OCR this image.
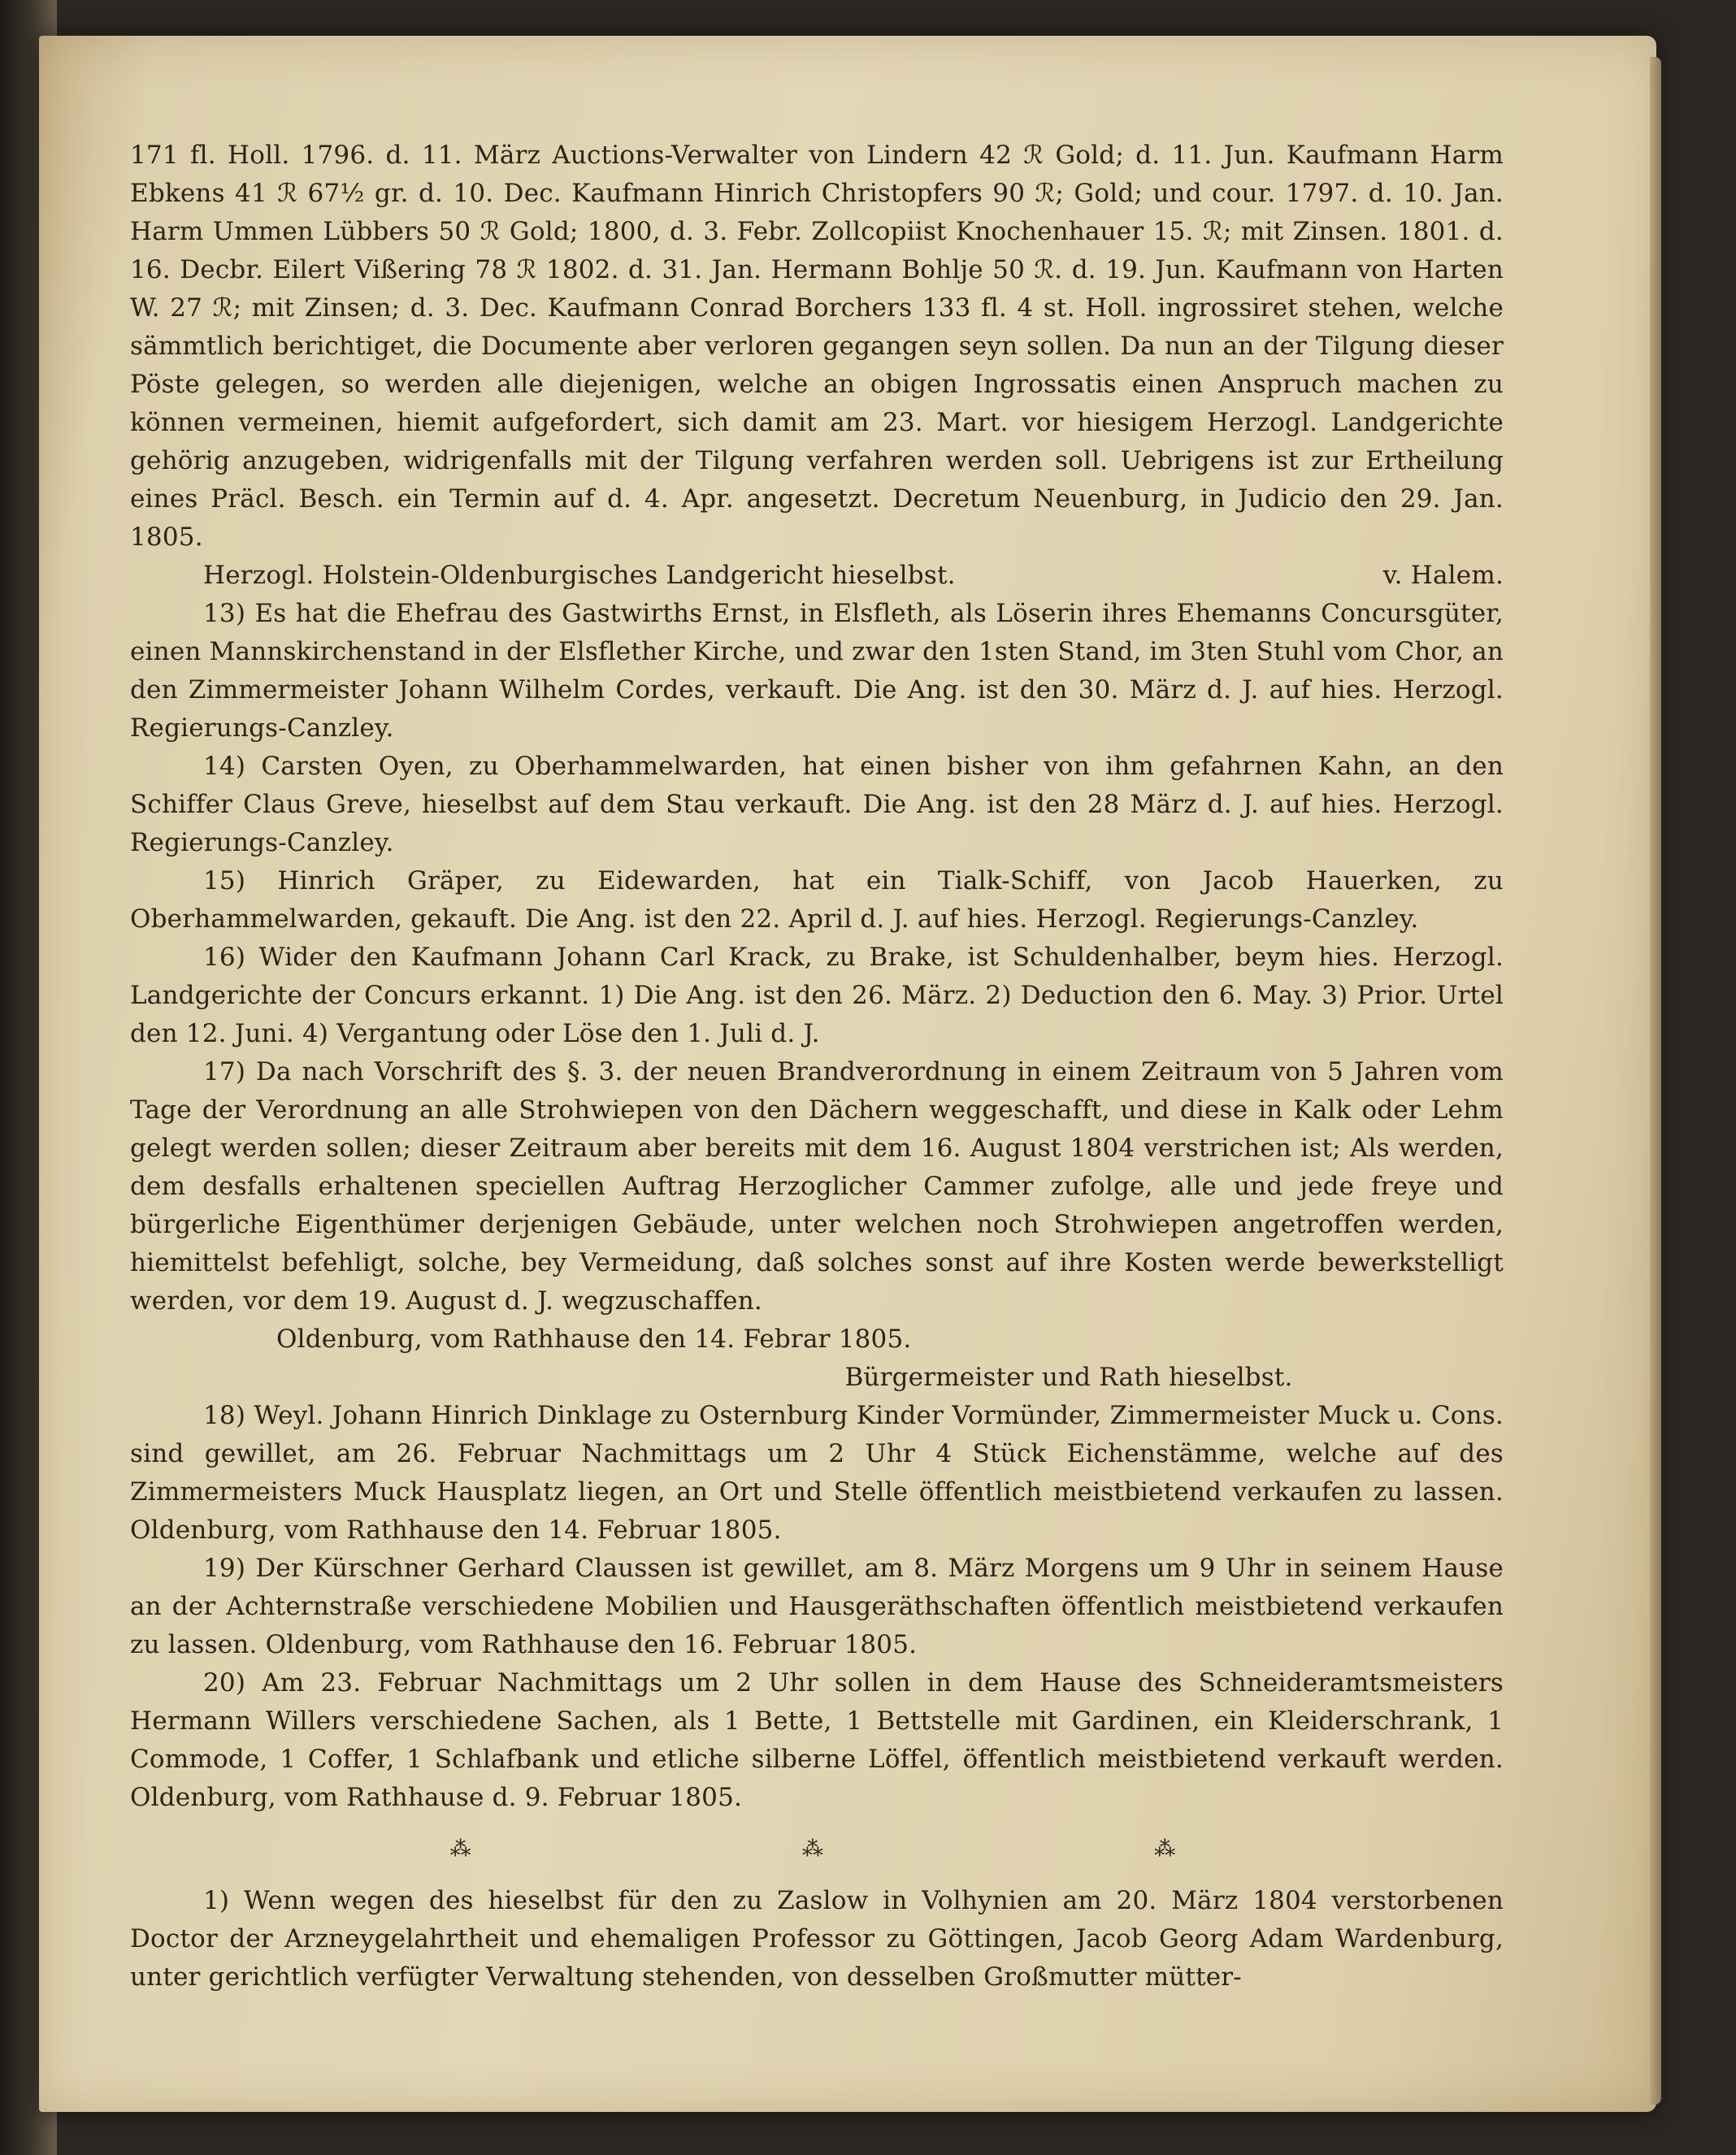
171 fl. Holl. 1796. d. 11. März Auctions-Verwalter von Lindern 42 ℛ Gold; d. 11. Jun. Kaufmann Harm Ebkens 41 ℛ 67½ gr. d. 10. Dec. Kaufmann Hinrich Christopfers 90 ℛ; Gold; und cour. 1797. d. 10. Jan. Harm Ummen Lübbers 50 ℛ Gold; 1800, d. 3. Febr. Zollcopiist Knochenhauer 15. ℛ; mit Zinsen. 1801. d. 16. Decbr. Eilert Vißering 78 ℛ 1802. d. 31. Jan. Hermann Bohlje 50 ℛ. d. 19. Jun. Kaufmann von Harten W. 27 ℛ; mit Zinsen; d. 3. Dec. Kaufmann Conrad Borchers 133 fl. 4 st. Holl. ingrossiret stehen, welche sämmtlich berichtiget, die Documente aber verloren gegangen seyn sollen. Da nun an der Tilgung dieser Pöste gelegen, so werden alle diejenigen, welche an obigen Ingrossatis einen Anspruch machen zu können vermeinen, hiemit aufgefordert, sich damit am 23. Mart. vor hiesigem Herzogl. Landgerichte gehörig anzugeben, widrigenfalls mit der Tilgung verfahren werden soll. Uebrigens ist zur Ertheilung eines Präcl. Besch. ein Termin auf d. 4. Apr. angesetzt. Decretum Neuenburg, in Judicio den 29. Jan. 1805.

Herzogl. Holstein-Oldenburgisches Landgericht hieselbst.	v. Halem.

13) Es hat die Ehefrau des Gastwirths Ernst, in Elsfleth, als Löserin ihres Ehemanns Concursgüter, einen Mannskirchenstand in der Elsflether Kirche, und zwar den 1sten Stand, im 3ten Stuhl vom Chor, an den Zimmermeister Johann Wilhelm Cordes, verkauft. Die Ang. ist den 30. März d. J. auf hies. Herzogl. Regierungs-Canzley.

14) Carsten Oyen, zu Oberhammelwarden, hat einen bisher von ihm gefahrnen Kahn, an den Schiffer Claus Greve, hieselbst auf dem Stau verkauft. Die Ang. ist den 28 März d. J. auf hies. Herzogl. Regierungs-Canzley.

15) Hinrich Gräper, zu Eidewarden, hat ein Tialk-Schiff, von Jacob Hauerken, zu Oberhammelwarden, gekauft. Die Ang. ist den 22. April d. J. auf hies. Herzogl. Regierungs-Canzley.

16) Wider den Kaufmann Johann Carl Krack, zu Brake, ist Schuldenhalber, beym hies. Herzogl. Landgerichte der Concurs erkannt. 1) Die Ang. ist den 26. März. 2) Deduction den 6. May. 3) Prior. Urtel den 12. Juni. 4) Vergantung oder Löse den 1. Juli d. J.

17) Da nach Vorschrift des §. 3. der neuen Brandverordnung in einem Zeitraum von 5 Jahren vom Tage der Verordnung an alle Strohwiepen von den Dächern weggeschafft, und diese in Kalk oder Lehm gelegt werden sollen; dieser Zeitraum aber bereits mit dem 16. August 1804 verstrichen ist; Als werden, dem desfalls erhaltenen speciellen Auftrag Herzoglicher Cammer zufolge, alle und jede freye und bürgerliche Eigenthümer derjenigen Gebäude, unter welchen noch Strohwiepen angetroffen werden, hiemittelst befehligt, solche, bey Vermeidung, daß solches sonst auf ihre Kosten werde bewerkstelligt werden, vor dem 19. August d. J. wegzuschaffen.

Oldenburg, vom Rathhause den 14. Febrar 1805.
Bürgermeister und Rath hieselbst.

18) Weyl. Johann Hinrich Dinklage zu Osternburg Kinder Vormünder, Zimmermeister Muck u. Cons. sind gewillet, am 26. Februar Nachmittags um 2 Uhr 4 Stück Eichenstämme, welche auf des Zimmermeisters Muck Hausplatz liegen, an Ort und Stelle öffentlich meistbietend verkaufen zu lassen. Oldenburg, vom Rathhause den 14. Februar 1805.

19) Der Kürschner Gerhard Claussen ist gewillet, am 8. März Morgens um 9 Uhr in seinem Hause an der Achternstraße verschiedene Mobilien und Hausgeräthschaften öffentlich meistbietend verkaufen zu lassen. Oldenburg, vom Rathhause den 16. Februar 1805.

20) Am 23. Februar Nachmittags um 2 Uhr sollen in dem Hause des Schneideramtsmeisters Hermann Willers verschiedene Sachen, als 1 Bette, 1 Bettstelle mit Gardinen, ein Kleiderschrank, 1 Commode, 1 Coffer, 1 Schlafbank und etliche silberne Löffel, öffentlich meistbietend verkauft werden. Oldenburg, vom Rathhause d. 9. Februar 1805.

⁂	⁂	⁂

1) Wenn wegen des hieselbst für den zu Zaslow in Volhynien am 20. März 1804 verstorbenen Doctor der Arzneygelahrtheit und ehemaligen Professor zu Göttingen, Jacob Georg Adam Wardenburg, unter gerichtlich verfügter Verwaltung stehenden, von desselben Großmutter mütter-
